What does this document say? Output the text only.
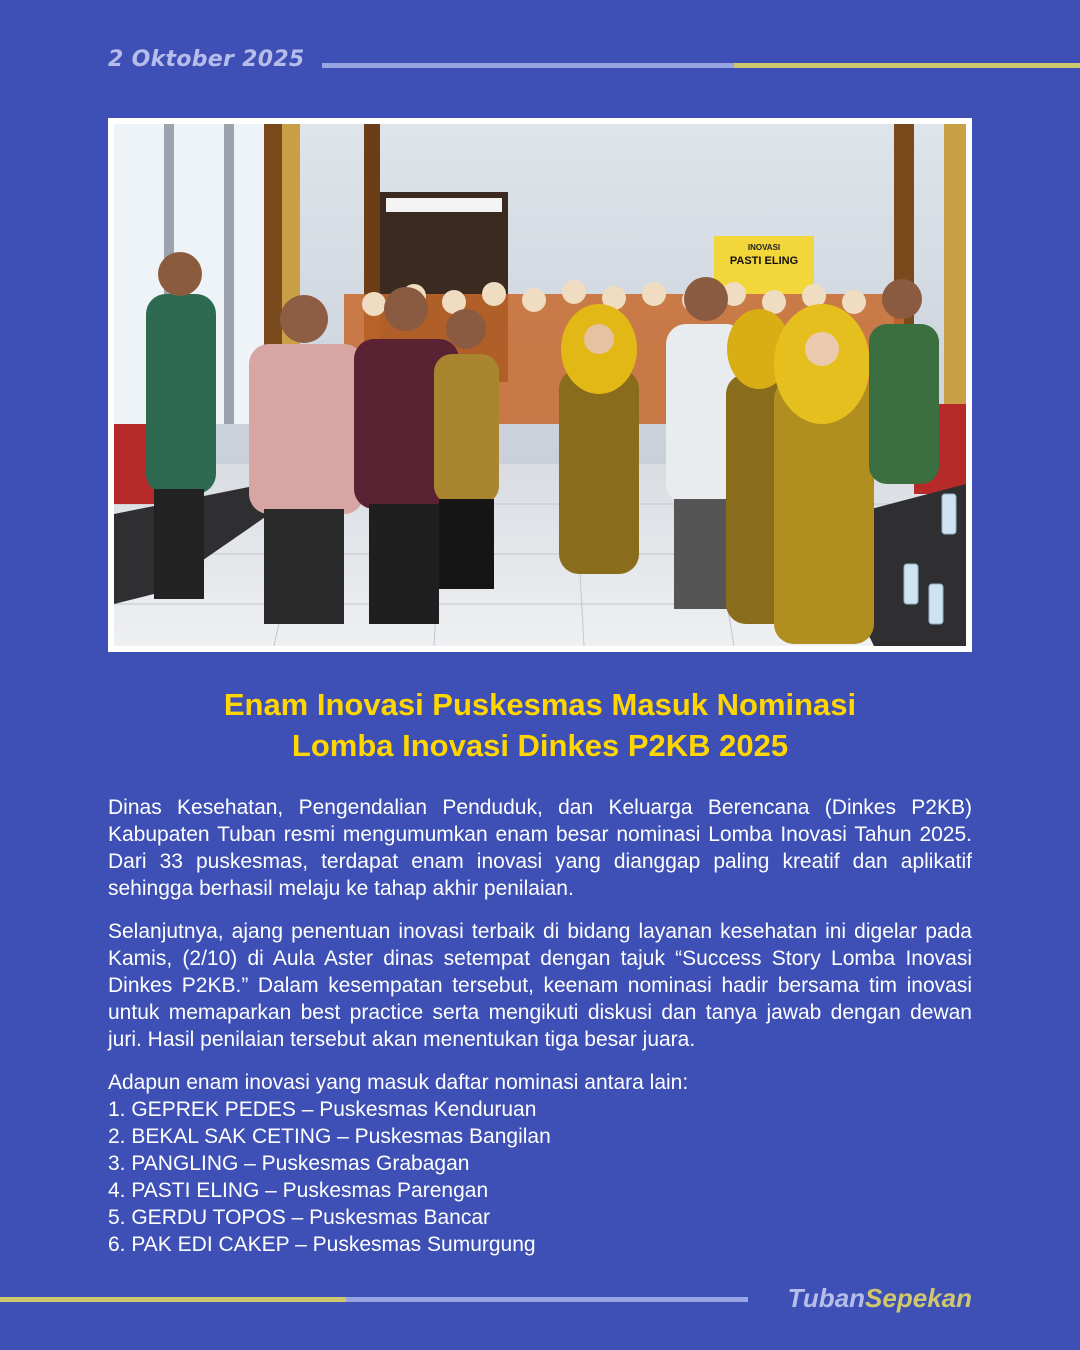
2 Oktober 2025
INOVASI
PASTI ELING
Enam Inovasi Puskesmas Masuk Nominasi
Lomba Inovasi Dinkes P2KB 2025

Dinas Kesehatan, Pengendalian Penduduk, dan Keluarga Berencana (Dinkes P2KB) Kabupaten Tuban resmi mengumumkan enam besar nominasi Lomba Inovasi Tahun 2025. Dari 33 puskesmas, terdapat enam inovasi yang dianggap paling kreatif dan aplikatif sehingga berhasil melaju ke tahap akhir penilaian.

Selanjutnya, ajang penentuan inovasi terbaik di bidang layanan kesehatan ini digelar pada Kamis, (2/10) di Aula Aster dinas setempat dengan tajuk “Success Story Lomba Inovasi Dinkes P2KB.” Dalam kesempatan tersebut, keenam nominasi hadir bersama tim inovasi untuk memaparkan best practice serta mengikuti diskusi dan tanya jawab dengan dewan juri. Hasil penilaian tersebut akan menentukan tiga besar juara.

Adapun enam inovasi yang masuk daftar nominasi antara lain:
1. GEPREK PEDES – Puskesmas Kenduruan
2. BEKAL SAK CETING – Puskesmas Bangilan
3. PANGLING – Puskesmas Grabagan
4. PASTI ELING – Puskesmas Parengan
5. GERDU TOPOS – Puskesmas Bancar
6. PAK EDI CAKEP – Puskesmas Sumurgung
TubanSepekan
